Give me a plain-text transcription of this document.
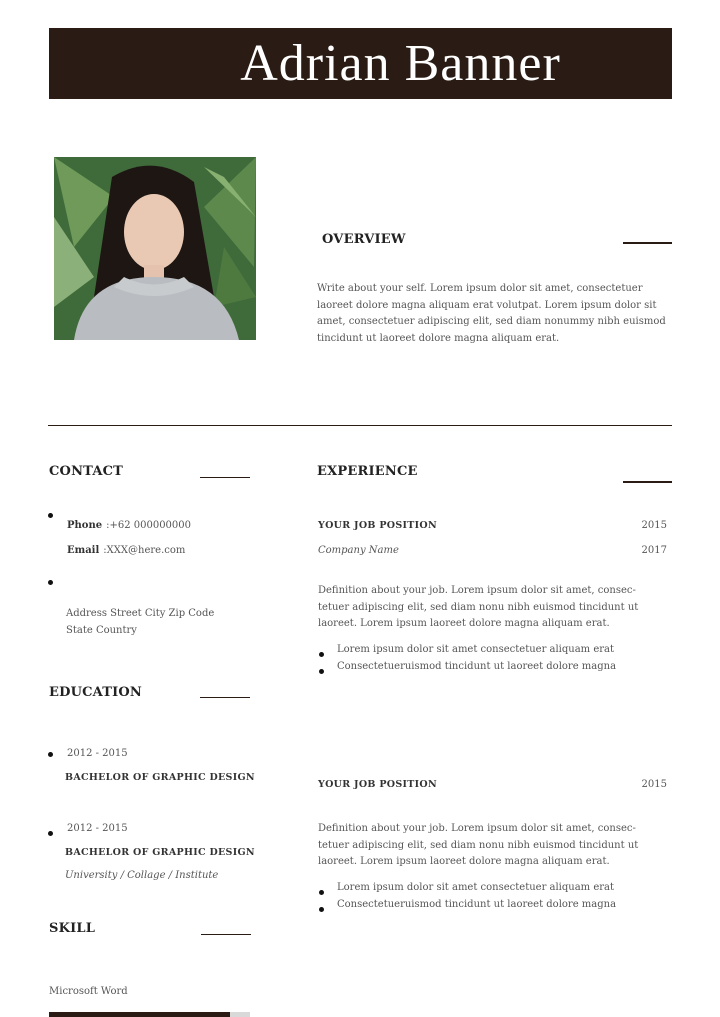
Adrian Banner
OVERVIEW
Write about your self. Lorem ipsum dolor sit amet, consectetuer laoreet dolore magna aliquam erat volutpat. Lorem ipsum dolor sit amet, consectetuer adipiscing elit, sed diam nonummy nibh euismod tincidunt ut laoreet dolore magna aliquam erat.
CONTACT
Phone :+62 000000000
Email :XXX@here.com
Address Street City Zip Code
State Country
EDUCATION
2012 - 2015
BACHELOR OF GRAPHIC DESIGN
2012 - 2015
BACHELOR OF GRAPHIC DESIGN
University / Collage / Institute
SKILL
Microsoft Word
EXPERIENCE
YOUR JOB POSITION	2015
Company Name	2017
Definition about your job. Lorem ipsum dolor sit amet, consec- tetuer adipiscing elit, sed diam nonu nibh euismod tincidunt ut laoreet. Lorem ipsum laoreet dolore magna aliquam erat.
Lorem ipsum dolor sit amet consectetuer aliquam erat
Consectetueruismod tincidunt ut laoreet dolore magna
YOUR JOB POSITION	2015
Definition about your job. Lorem ipsum dolor sit amet, consec- tetuer adipiscing elit, sed diam nonu nibh euismod tincidunt ut laoreet. Lorem ipsum laoreet dolore magna aliquam erat.
Lorem ipsum dolor sit amet consectetuer aliquam erat
Consectetueruismod tincidunt ut laoreet dolore magna
